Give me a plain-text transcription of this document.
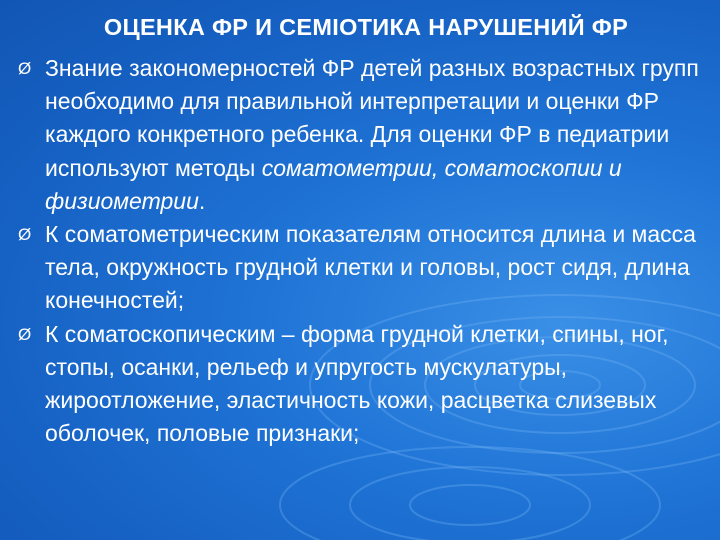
ОЦЕНКА ФР И СЕМІОТИКА НАРУШЕНИЙ ФР
Ø Знание закономерностей ФР детей разных возрастных групп необходимо для правильной интерпретации и оценки ФР каждого конкретного ребенка. Для оценки ФР в педиатрии используют методы соматометрии, соматоскопии и физиометрии.
Ø К соматометрическим показателям относится длина и масса тела, окружность грудной клетки и головы, рост сидя, длина конечностей;
Ø К соматоскопическим – форма грудной клетки, спины, ног, стопы, осанки, рельеф и упругость мускулатуры, жироотложение, эластичность кожи, расцветка слизевых оболочек, половые признаки;
